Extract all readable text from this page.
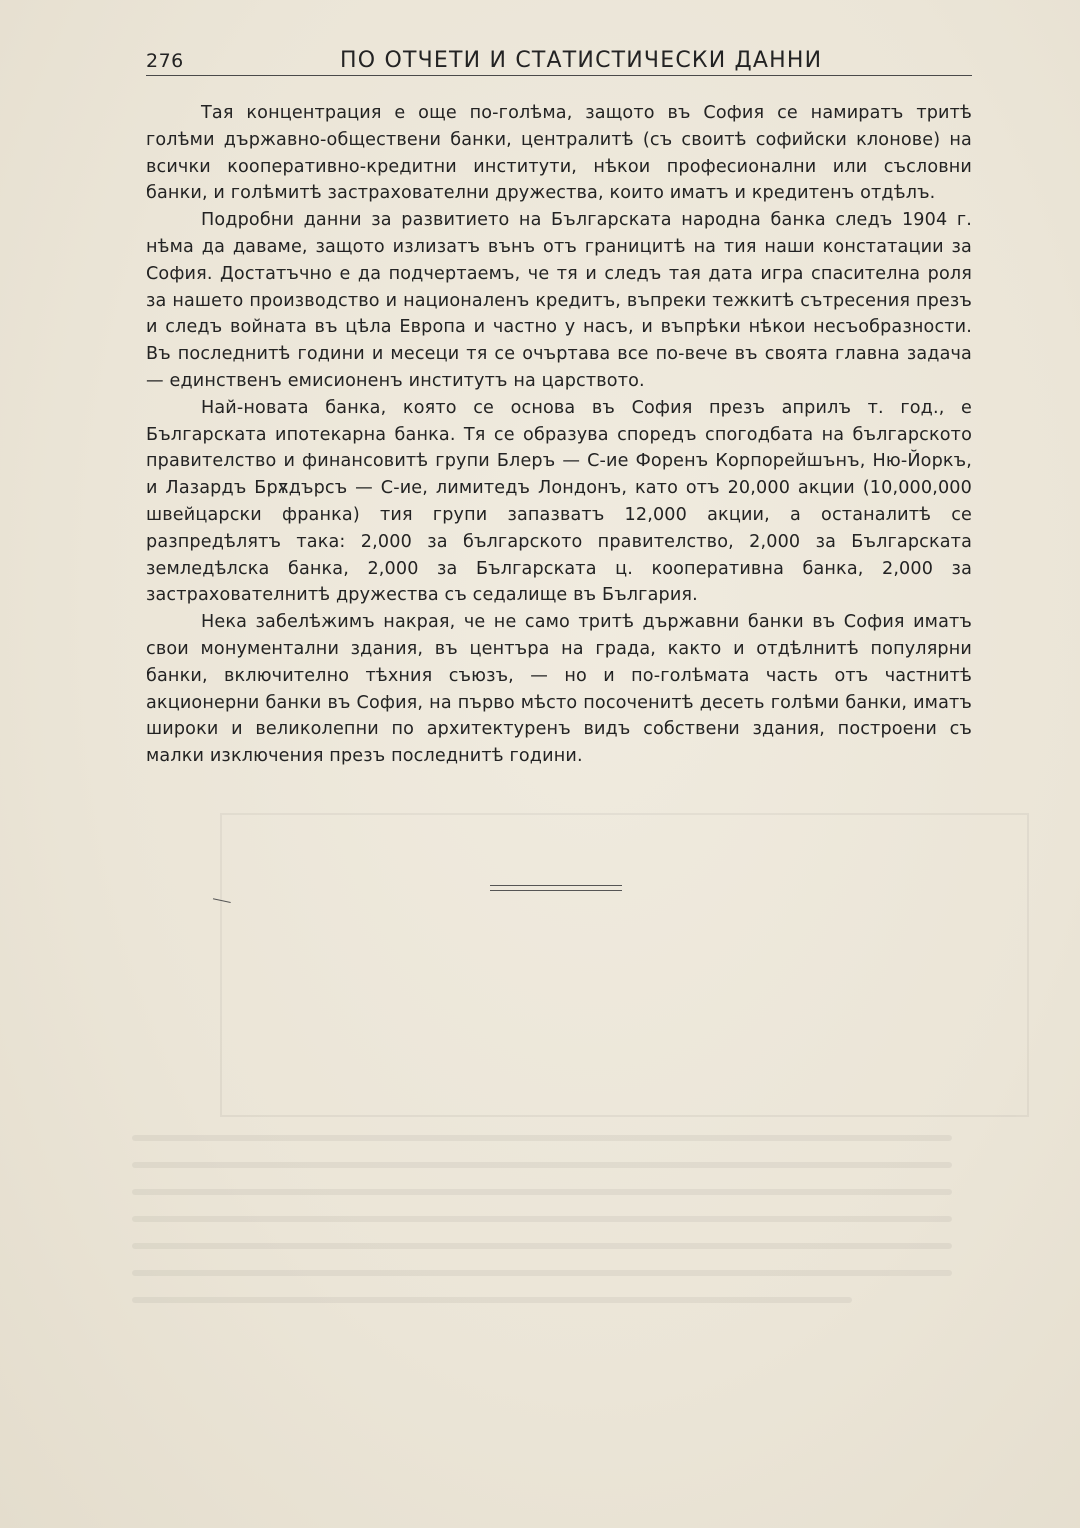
276	ПО ОТЧЕТИ И СТАТИСТИЧЕСКИ ДАННИ

Тая концентрация е още по-голѣма, защото въ София се намиратъ тритѣ голѣми държавно-обществени банки, централитѣ (съ своитѣ софийски клонове) на всички кооперативно-кредитни институти, нѣкои професионални или съсловни банки, и голѣмитѣ застрахователни дружества, които иматъ и кредитенъ отдѣлъ.

Подробни данни за развитието на Българската народна банка следъ 1904 г. нѣма да даваме, защото излизатъ вънъ отъ границитѣ на тия наши констатации за София. Достатъчно е да подчертаемъ, че тя и следъ тая дата игра спасителна роля за нашето производство и националенъ кредитъ, въпреки тежкитѣ сътресения презъ и следъ войната въ цѣла Европа и частно у насъ, и въпрѣки нѣкои несъобразности. Въ последнитѣ години и месеци тя се очъртава все по-вече въ своята главна задача — единственъ емисионенъ институтъ на царството.

Най-новата банка, която се основа въ София презъ априлъ т. год., е Българската ипотекарна банка. Тя се образува споредъ спогодбата на българското правителство и финансовитѣ групи Блеръ — С-ие Форенъ Корпорейшънъ, Ню-Йоркъ, и Лазардъ Брѫдърсъ — С-ие, лимитедъ Лондонъ, като отъ 20,000 акции (10,000,000 швейцарски франка) тия групи запазватъ 12,000 акции, а останалитѣ се разпредѣлятъ така: 2,000 за българското правителство, 2,000 за Българската земледѣлска банка, 2,000 за Българската ц. кооперативна банка, 2,000 за застрахователнитѣ дружества съ седалище въ България.

Нека забелѣжимъ накрая, че не само тритѣ държавни банки въ София иматъ свои монументални здания, въ центъра на града, както и отдѣлнитѣ популярни банки, включително тѣхния съюзъ, — но и по-голѣмата часть отъ частнитѣ акционерни банки въ София, на първо мѣсто посоченитѣ десеть голѣми банки, иматъ широки и великолепни по архитектуренъ видъ собствени здания, построени съ малки изключения презъ последнитѣ години.
